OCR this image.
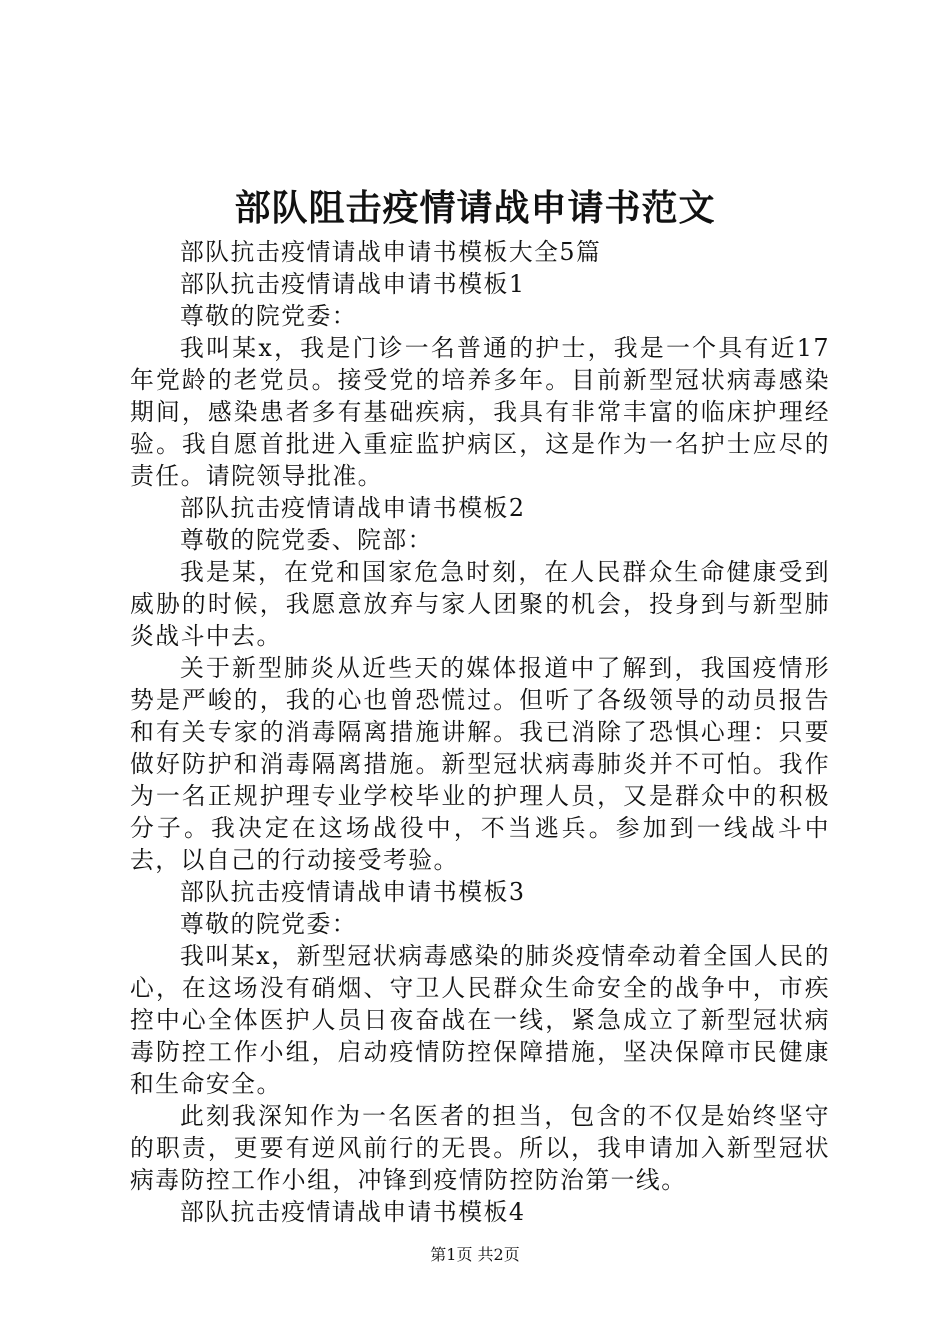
部队阻击疫情请战申请书范文

部队抗击疫情请战申请书模板大全5篇

部队抗击疫情请战申请书模板1

尊敬的院党委：

我叫某x，我是门诊一名普通的护士，我是一个具有近17年党龄的老党员。接受党的培养多年。目前新型冠状病毒感染期间，感染患者多有基础疾病，我具有非常丰富的临床护理经验。我自愿首批进入重症监护病区，这是作为一名护士应尽的责任。请院领导批准。

部队抗击疫情请战申请书模板2

尊敬的院党委、院部：

我是某，在党和国家危急时刻，在人民群众生命健康受到威胁的时候，我愿意放弃与家人团聚的机会，投身到与新型肺炎战斗中去。

关于新型肺炎从近些天的媒体报道中了解到，我国疫情形势是严峻的，我的心也曾恐慌过。但听了各级领导的动员报告和有关专家的消毒隔离措施讲解。我已消除了恐惧心理：只要做好防护和消毒隔离措施。新型冠状病毒肺炎并不可怕。我作为一名正规护理专业学校毕业的护理人员，又是群众中的积极分子。我决定在这场战役中，不当逃兵。参加到一线战斗中去，以自己的行动接受考验。

部队抗击疫情请战申请书模板3

尊敬的院党委：

我叫某x，新型冠状病毒感染的肺炎疫情牵动着全国人民的心，在这场没有硝烟、守卫人民群众生命安全的战争中，市疾控中心全体医护人员日夜奋战在一线，紧急成立了新型冠状病毒防控工作小组，启动疫情防控保障措施，坚决保障市民健康和生命安全。

此刻我深知作为一名医者的担当，包含的不仅是始终坚守的职责，更要有逆风前行的无畏。所以，我申请加入新型冠状病毒防控工作小组，冲锋到疫情防控防治第一线。

部队抗击疫情请战申请书模板4

第1页 共2页
